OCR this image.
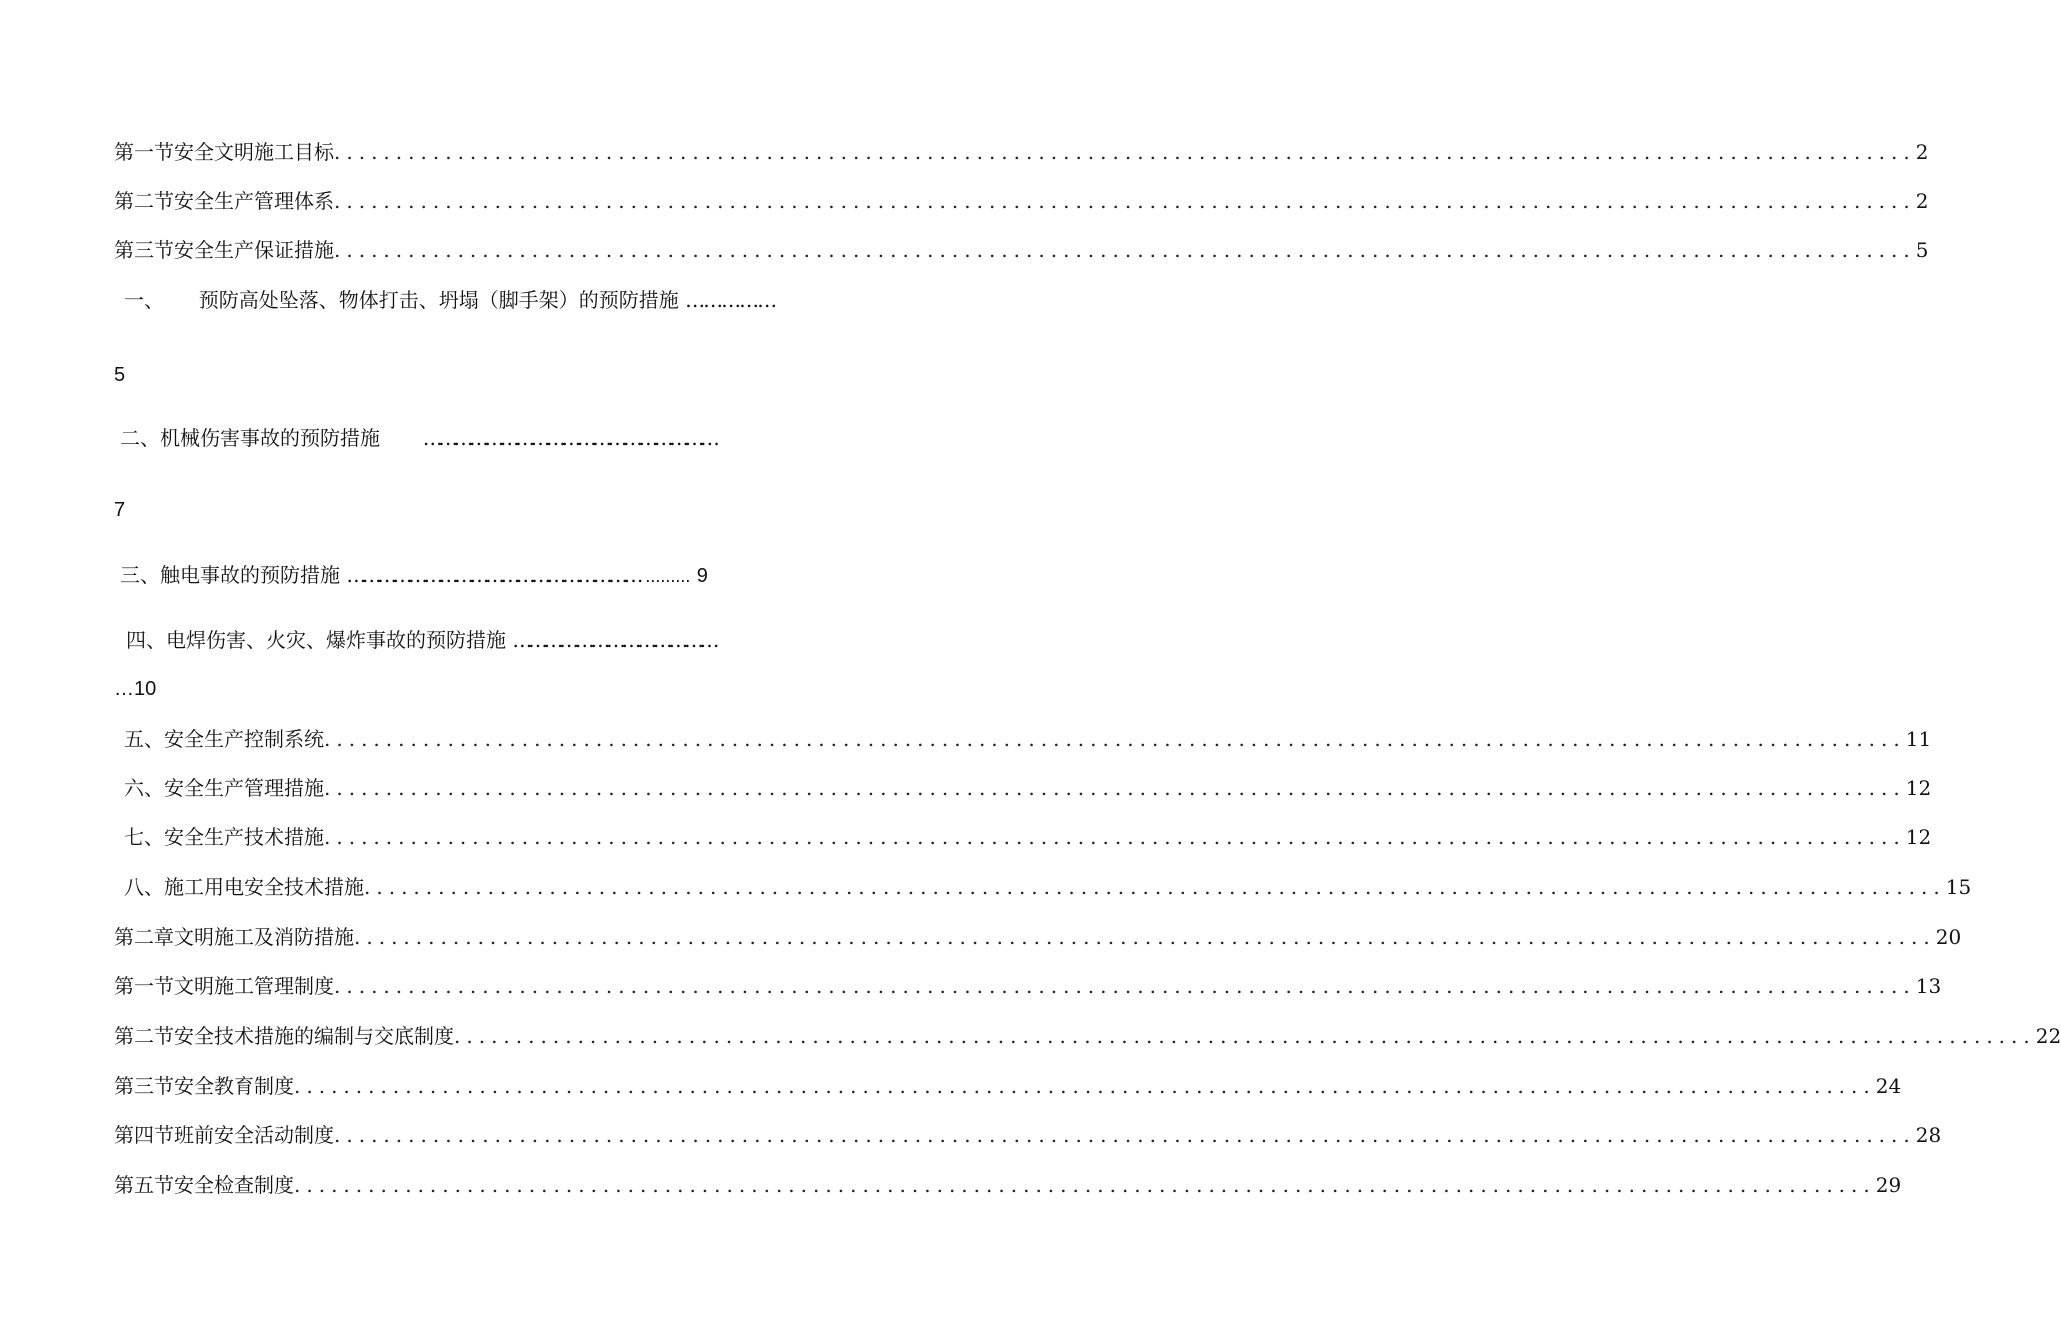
第一节 安全文明施工目标 ................................................................................................................................ 2
第二节 安全生产管理体系 ................................................................................................................................ 2
第三节 安全生产保证措施 ................................................................................................................................ 5
一、 预防高处坠落、物体打击、坍塌（脚手架）的预防措施 ……………
5
二、机械伤害事故的预防措施 …………………………………………………
7
三、触电事故的预防措施 ………………………………………………… ......... 9
四、电焊伤害、火灾、爆炸事故的预防措施 …………………………………
…10
五、安全生产控制系统 ................................................................................................................................ 11
六、安全生产管理措施 ................................................................................................................................ 12
七、安全生产技术措施 ................................................................................................................................ 12
八、施工用电安全技术措施 ................................................................................................................................ 15
第二章 文明施工及消防措施 ................................................................................................................................ 20
第一节 文明施工管理制度 ................................................................................................................................ 13
第二节 安全技术措施的编制与交底制度 ................................................................................................................................ 22
第三节 安全教育制度 ................................................................................................................................ 24
第四节 班前安全活动制度 ................................................................................................................................ 28
第五节 安全检查制度 ................................................................................................................................ 29
